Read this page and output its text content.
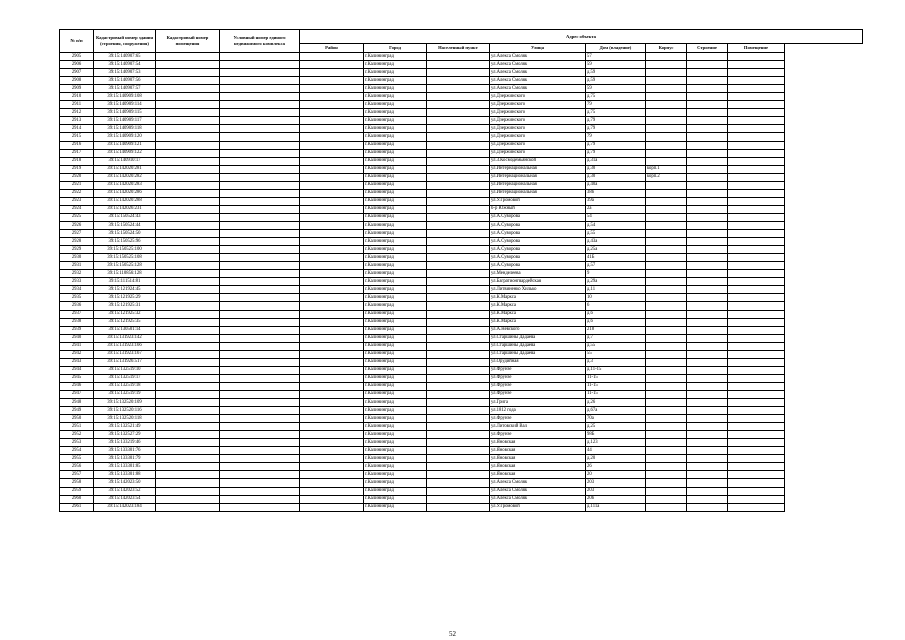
№ п/п	Кадастровый номер здания (строения, сооружения)	Кадастровый номер помещения	Условный номер единого недвижимого комплекса	Адрес объекта							
				Район	Город	Населенный пункт	Улица	Дом (владение)	Корпус	Строение	Помещение
2905	39:15:140907:65				г.Калининград		ул.Алекса Смоляк	57			
2906	39:15:140907:54				г.Калининград		ул.Алекса Смоляк	59			
2907	39:15:140907:53				г.Калининград		ул.Алекса Смоляк	д.59			
2908	39:15:140907:56				г.Калининград		ул.Алекса Смоляк	д.59			
2909	39:15:140907:57				г.Калининград		ул.Алекса Смоляк	59			
2910	39:15:140909:108				г.Калининград		ул.Дзержинского	д.75			
2911	39:15:140909:114				г.Калининград		ул.Дзержинского	79			
2912	39:15:140909:115				г.Калининград		ул.Дзержинского	д.75			
2913	39:15:140909:117				г.Калининград		ул.Дзержинского	д.79			
2914	39:15:140909:118				г.Калининград		ул.Дзержинского	д.79			
2915	39:15:140909:120				г.Калининград		ул.Дзержинского	79			
2916	39:15:140909:121				г.Калининград		ул.Дзержинского	д.79			
2917	39:15:140909:122				г.Калининград		ул.Дзержинского	д.79			
2918	39:15:140910:17				г.Калининград		ул.З.Космодемьянской	д.31а			
2919	39:15:142020:281				г.Калининград		ул.Интернациональная	д.30	корп.1		
2920	39:15:142020:282				г.Калининград		ул.Интернациональная	д.30	корп.2		
2921	39:15:142020:283				г.Калининград		ул.Интернациональная	д.40а			
2922	39:15:142020:286				г.Калининград		ул.Интернациональная	38б			
2923	39:15:142020:288				г.Калининград		ул.У.Громовой	39а			
2924	39:15:142026:231				г.Калининград		б-р Южный	2а			
2925	39:15:150524:43				г.Калининград		ул.А.Суворова	54			
2926	39:15:150524:44				г.Калининград		ул.А.Суворова	д.54			
2927	39:15:150524:50				г.Калининград		ул.А.Суворова	д.55			
2928	39:15:150525:96				г.Калининград		ул.А.Суворова	д.43а			
2929	39:15:150525:100				г.Калининград		ул.А.Суворова	д.25а			
2930	39:15:150525:108				г.Калининград		ул.А.Суворова	41Б			
2931	39:15:150525:128				г.Калининград		ул.А.Суворова	д.57			
2932	39:15:110856:128				г.Калининград		ул.Менделеева	9			
2933	39:15:111514:81				г.Калининград		ул.Багратионгвардейская	д.29а			
2934	39:15:121924:45				г.Калининград		ул.Литвиненко Хилько	д.11			
2935	39:15:121925:29				г.Калининград		ул.К.Маркса	10			
2936	39:15:121925:31				г.Калининград		ул.К.Маркса	6			
2937	39:15:121925:32				г.Калининград		ул.К.Маркса	д.6			
2938	39:15:121925:35				г.Калининград		ул.К.Маркса	д.6			
2939	39:15:130501:14				г.Калининград		ул.А.Невского	218			
2940	39:15:131923:142				г.Калининград		ул.Старшины Дадаева	д.7			
2941	39:15:131923:166				г.Калининград		ул.Старшины Дадаева	д.55			
2942	39:15:131923:167				г.Калининград		ул.Старшины Дадаева	55			
2943	39:15:131926:517				г.Калининград		ул.Орудийная	д.3			
2944	39:15:132519:10				г.Калининград		ул.Фрунзе	д.11-15			
2945	39:15:132519:17				г.Калининград		ул.Фрунзе	11-15			
2946	39:15:132519:18				г.Калининград		ул.Фрунзе	11-15			
2947	39:15:132519:19				г.Калининград		ул.Фрунзе	11-15			
2948	39:15:132520:109				г.Калининград		ул.Грига	д.26			
2949	39:15:132520:116				г.Калининград		ул.1812 года	д.67а			
2950	39:15:132520:118				г.Калининград		ул.Фрунзе	70а			
2951	39:15:132521:49				г.Калининград		ул.Литовский Вал	д.25			
2952	39:15:132527:29				г.Калининград		ул.Фрунзе	98Б			
2953	39:15:133219:46				г.Калининград		ул.Яновская	д.123			
2954	39:15:133301:76				г.Калининград		ул.Яновская	44			
2955	39:15:133301:79				г.Калининград		ул.Яновская	д.20			
2956	39:15:133301:85				г.Калининград		ул.Яновская	26			
2957	39:15:133301:88				г.Калининград		ул.Яновская	20			
2958	39:15:142023:50				г.Калининград		ул.Алекса Смоляк	203			
2959	39:15:142023:52				г.Калининград		ул.Алекса Смоляк	203			
2960	39:15:142023:54				г.Калининград		ул.Алекса Смоляк	20б			
2961	39:15:142023:184				г.Калининград		ул.У.Громовой	д.111а			
52
